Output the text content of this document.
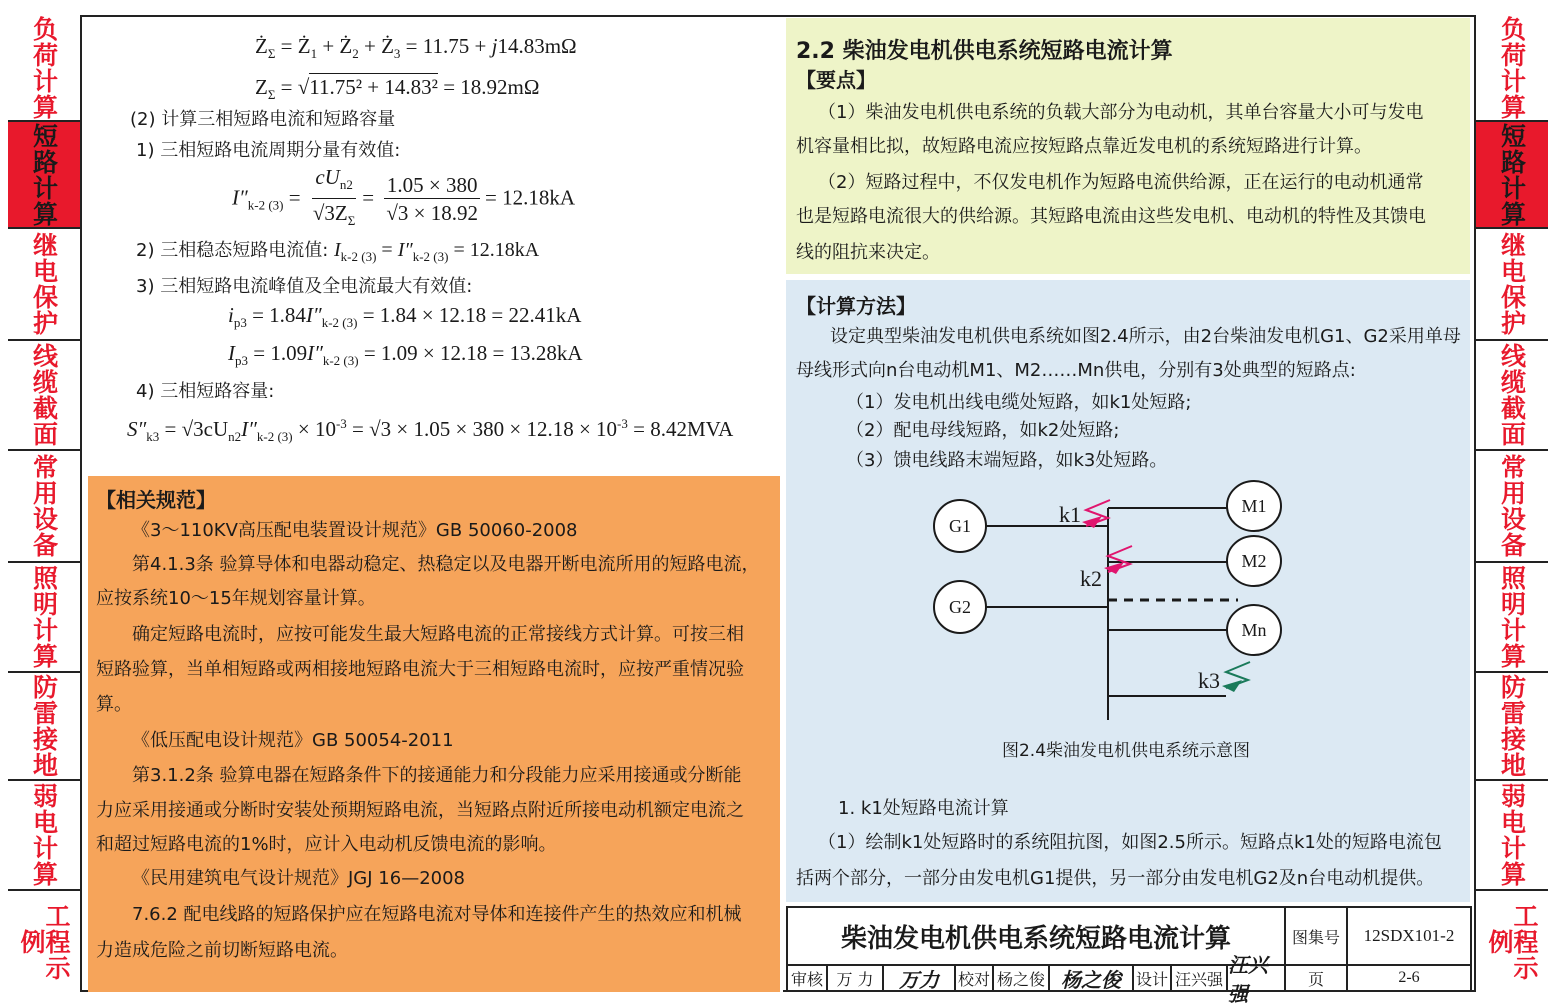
负荷计算
短路计算
继电保护
线缆截面
常用设备
照明计算
防雷接地
弱电计算
工程示例
负荷计算
短路计算
继电保护
线缆截面
常用设备
照明计算
防雷接地
弱电计算
工程示例
$Ż_\Sigma$ = $Ż_1$ + $Ż_2$ + $Ż_3 = 11.75 + j14.83m\Omega$
$Z_\Sigma = √11.75^2 + 14.83^2 = 18.92m\Omega$
(2) 计算三相短路电流和短路容量
1) 三相短路电流周期分量有效值:
$I''_{k-2 (3)} = \frac{cU_{n2}}{√3Z_\Sigma} = \frac{1.05 \times 380}{√3 \times 18.92} = 12.18kA$
2) 三相稳态短路电流值: $I_{k-2 (3)} = I''_{k-2 (3)} = 12.18kA$
3) 三相短路电流峰值及全电流最大有效值:
$i_{p3} = 1.84I''_{k-2 (3)} = 1.84 \times 12.18 = 22.41kA$
$I_{p3} = 1.09I''_{k-2 (3)} = 1.09 \times 12.18 = 13.28kA$
4) 三相短路容量:
$S''_{k3} = √3cU_{n2}I''_{k-2 (3)} \times 10^{-3} = √3 \times 1.05 \times 380 \times 12.18 \times 10^{-3} = 8.42MVA$
【相关规范】
《3～110KV高压配电装置设计规范》GB 50060-2008
第4.1.3条 验算导体和电器动稳定、热稳定以及电器开断电流所用的短路电流，
应按系统10～15年规划容量计算。
确定短路电流时，应按可能发生最大短路电流的正常接线方式计算。可按三相
短路验算，当单相短路或两相接地短路电流大于三相短路电流时，应按严重情况验
算。
《低压配电设计规范》GB 50054-2011
第3.1.2条 验算电器在短路条件下的接通能力和分段能力应采用接通或分断能
力应采用接通或分断时安装处预期短路电流，当短路点附近所接电动机额定电流之
和超过短路电流的1%时，应计入电动机反馈电流的影响。
《民用建筑电气设计规范》JGJ 16—2008
7.6.2 配电线路的短路保护应在短路电流对导体和连接件产生的热效应和机械
力造成危险之前切断短路电流。
2.2 柴油发电机供电系统短路电流计算
【要点】
（1）柴油发电机供电系统的负载大部分为电动机，其单台容量大小可与发电
机容量相比拟，故短路电流应按短路点靠近发电机的系统短路进行计算。
（2）短路过程中，不仅发电机作为短路电流供给源，正在运行的电动机通常
也是短路电流很大的供给源。其短路电流由这些发电机、电动机的特性及其馈电
线的阻抗来决定。
【计算方法】
设定典型柴油发电机供电系统如图2.4所示，由2台柴油发电机G1、G2采用单母
母线形式向n台电动机M1、M2……Mn供电，分别有3处典型的短路点:
（1）发电机出线电缆处短路，如k1处短路;
（2）配电母线短路，如k2处短路;
（3）馈电线路末端短路，如k3处短路。
G1
G2
M1
M2
Mn
k1
k2
k3
图2.4柴油发电机供电系统示意图
1. k1处短路电流计算
（1）绘制k1处短路时的系统阻抗图，如图2.5所示。短路点k1处的短路电流包
括两个部分，一部分由发电机G1提供，另一部分由发电机G2及n台电动机提供。
柴油发电机供电系统短路电流计算	图集号	12SDX101-2
审核 万 力	万力	校对 杨之俊 杨之俊 设计 汪兴强
汪兴强
页	2-6
